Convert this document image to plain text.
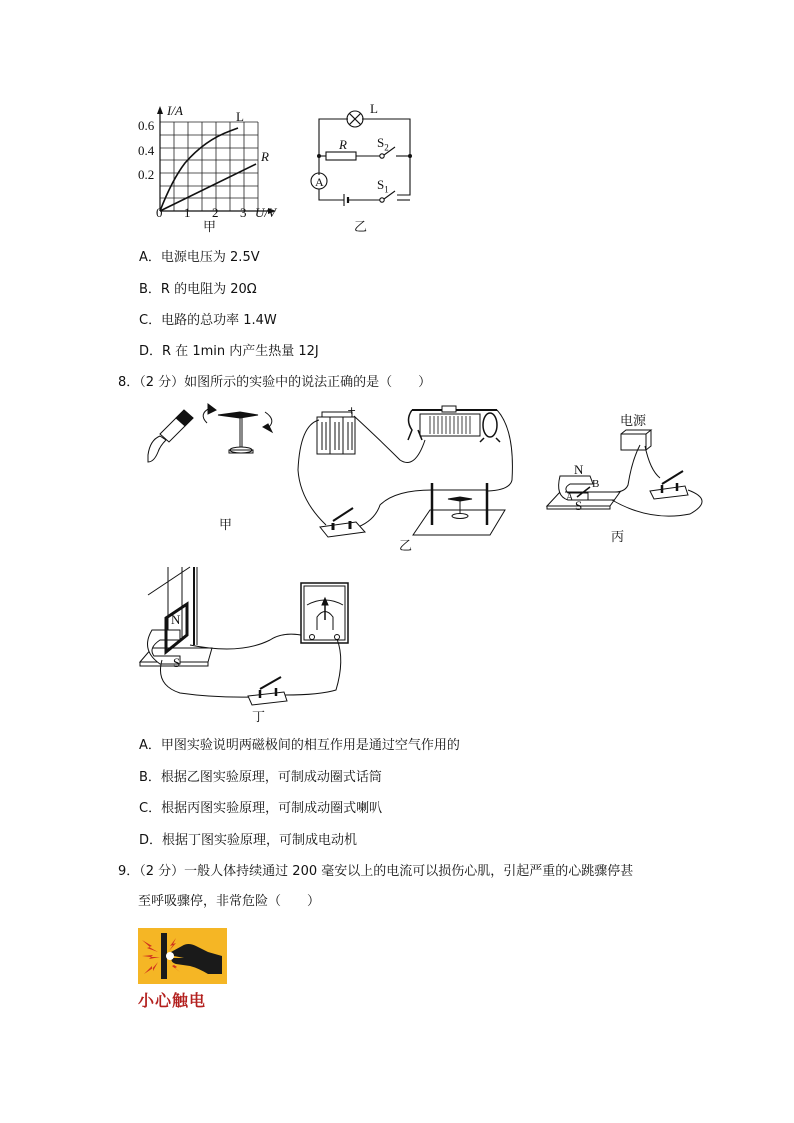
0.6
0.4
0.2
0 1 2 3
I/A
U/V
L
R
甲
L
R
A
$S_2$
$S_1$
乙
A．电源电压为 2.5V
B．R 的电阻为 20Ω
C．电路的总功率 1.4W
D．R 在 1min 内产生热量 12J
8．（2 分）如图所示的实验中的说法正确的是（　　）
-
+
电源
N
S
A
B
N
S
甲
乙
丙
丁
A．甲图实验说明两磁极间的相互作用是通过空气作用的
B．根据乙图实验原理，可制成动圈式话筒
C．根据丙图实验原理，可制成动圈式喇叭
D．根据丁图实验原理，可制成电动机
9．（2 分）一般人体持续通过 200 毫安以上的电流可以损伤心肌，引起严重的心跳骤停甚
至呼吸骤停，非常危险（　　）
小心触电
